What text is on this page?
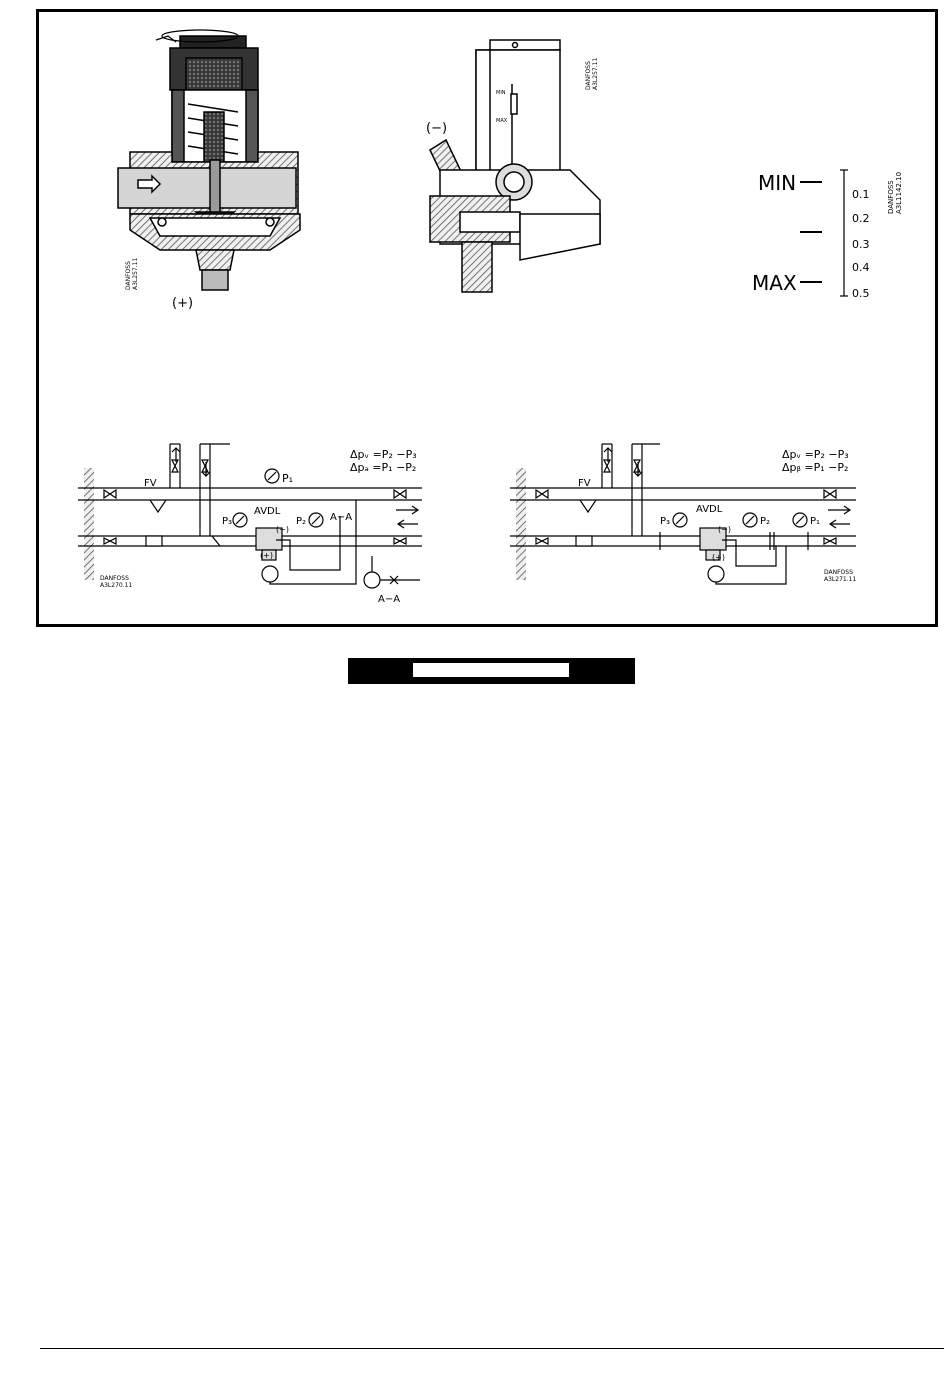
(+)
DANFOSSA3L257.11
(−)
MIN
MAX
DANFOSSA3L257.11
MIN
MAX
0.1
0.2
0.3
0.4
0.5
DANFOSSA3L1142.10
Δpᵥ =P₂ −P₃
Δpₐ =P₁ −P₂
FV
AVDL
P₁
P₂
P₃	A−A
A−A
(+)
(−)
DANFOSS A3L270.11
Δpᵥ =P₂ −P₃
Δpᵦ =P₁ −P₂
FV
AVDL
P₁
P₂
P₃
(+)
(−)
DANFOSS A3L271.11
